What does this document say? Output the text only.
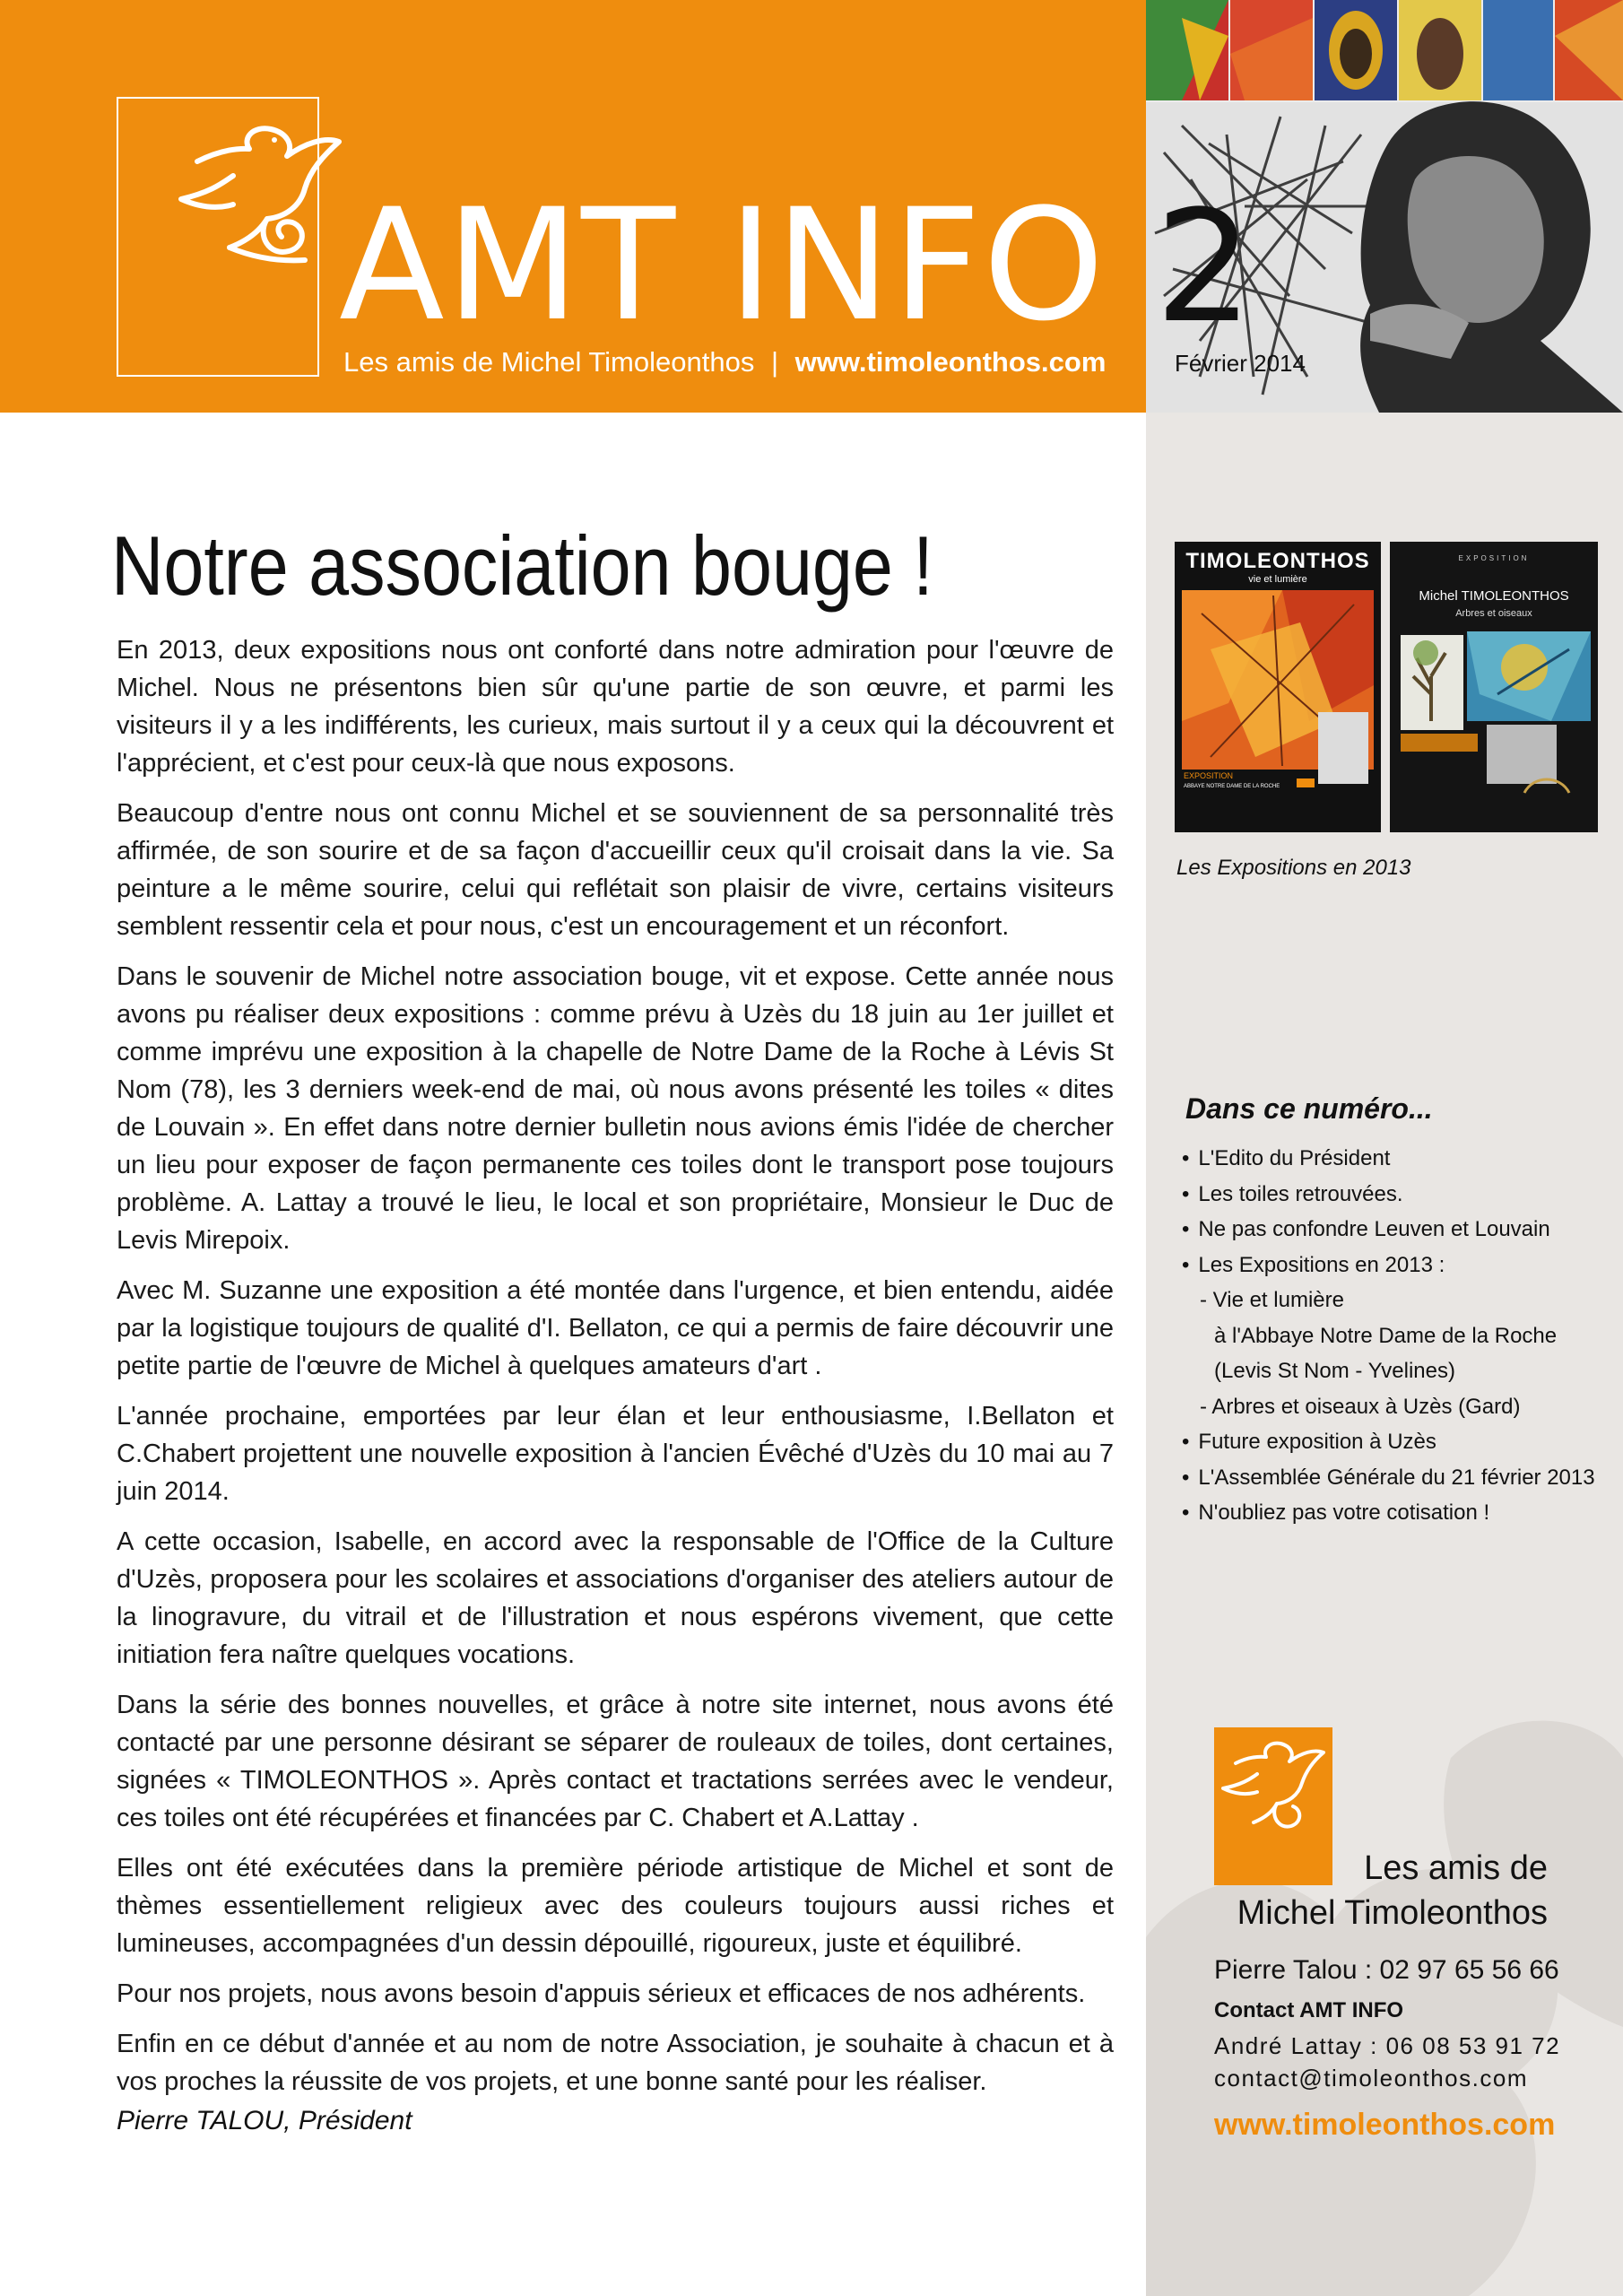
AMT INFO
Les amis de Michel Timoleonthos | www.timoleonthos.com
2
Février 2014
Notre association bouge !

En 2013, deux expositions nous ont conforté dans notre admiration pour l'œuvre de Michel. Nous ne présentons bien sûr qu'une partie de son œuvre, et parmi les visiteurs il y a les indifférents, les curieux, mais surtout il y a ceux qui la découvrent et l'apprécient, et c'est pour ceux-là que nous exposons.

Beaucoup d'entre nous ont connu Michel et se souviennent de sa personnalité très affirmée, de son sourire et de sa façon d'accueillir ceux qu'il croisait dans la vie. Sa peinture a le même sourire, celui qui reflétait son plaisir de vivre, certains visiteurs semblent ressentir cela et pour nous, c'est un encouragement et un réconfort.

Dans le souvenir de Michel notre association bouge, vit et expose. Cette année nous avons pu réaliser deux expositions : comme prévu à Uzès du 18 juin au 1er juillet et comme imprévu une exposition à la chapelle de Notre Dame de la Roche à Lévis St Nom (78), les 3 derniers week-end de mai, où nous avons présenté les toiles « dites de Louvain ». En effet dans notre dernier bulletin nous avions émis l'idée de chercher un lieu pour exposer de façon permanente ces toiles dont le transport pose toujours problème. A. Lattay a trouvé le lieu, le local et son propriétaire, Monsieur le Duc de Levis Mirepoix.

Avec M. Suzanne une exposition a été montée dans l'urgence, et bien entendu, aidée par la logistique toujours de qualité d'I. Bellaton, ce qui a permis de faire découvrir une petite partie de l'œuvre de Michel à quelques amateurs d'art .

L'année prochaine, emportées par leur élan et leur enthousiasme, I.Bellaton et C.Chabert projettent une nouvelle exposition à l'ancien Évêché d'Uzès du 10 mai au 7 juin 2014.

A cette occasion, Isabelle, en accord avec la responsable de l'Office de la Culture d'Uzès, proposera pour les scolaires et associations d'organiser des ateliers autour de la linogravure, du vitrail et de l'illustration et nous espérons vivement, que cette initiation fera naître quelques vocations.

Dans la série des bonnes nouvelles, et grâce à notre site internet, nous avons été contacté par une personne désirant se séparer de rouleaux de toiles, dont certaines, signées « TIMOLEONTHOS ». Après contact et tractations serrées avec le vendeur, ces toiles ont été récupérées et financées par C. Chabert et A.Lattay .

Elles ont été exécutées dans la première période artistique de Michel et sont de thèmes essentiellement religieux avec des couleurs toujours aussi riches et lumineuses, accompagnées d'un dessin dépouillé, rigoureux, juste et équilibré.

Pour nos projets, nous avons besoin d'appuis sérieux et efficaces de nos adhérents.

Enfin en ce début d'année et au nom de notre Association, je souhaite à chacun et à vos proches la réussite de vos projets, et une bonne santé pour les réaliser.

Pierre TALOU, Président
TIMOLEONTHOS
vie et lumière
EXPOSITION
ABBAYE NOTRE DAME DE LA ROCHE
EXPOSITION
Michel TIMOLEONTHOS
Arbres et oiseaux
Les Expositions en 2013
Dans ce numéro...
• L'Edito du Président
• Les toiles retrouvées.
• Ne pas confondre Leuven et Louvain
• Les Expositions en 2013 :
- Vie et lumière
à l'Abbaye Notre Dame de la Roche
(Levis St Nom - Yvelines)
- Arbres et oiseaux à Uzès (Gard)
• Future exposition à Uzès
• L'Assemblée Générale du 21 février 2013
• N'oubliez pas votre cotisation !
Les amis de
Michel Timoleonthos
Pierre Talou : 02 97 65 56 66
Contact AMT INFO
André Lattay : 06 08 53 91 72
contact@timoleonthos.com
www.timoleonthos.com
